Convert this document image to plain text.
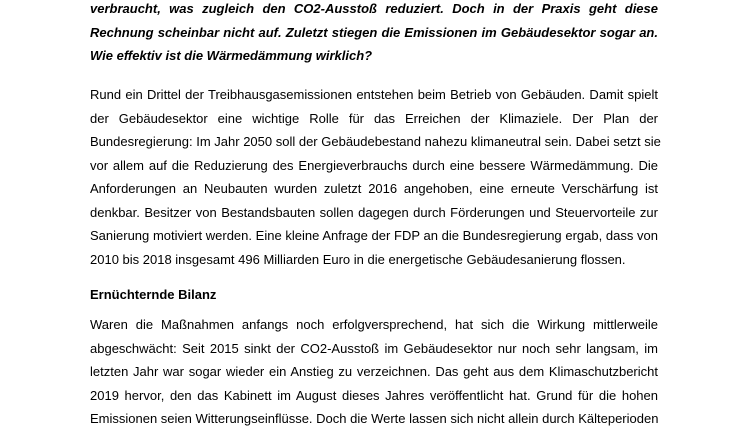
verbraucht, was zugleich den CO2-Ausstoß reduziert. Doch in der Praxis geht diese
Rechnung scheinbar nicht auf. Zuletzt stiegen die Emissionen im Gebäudesektor sogar an.
Wie effektiv ist die Wärmedämmung wirklich?

Rund ein Drittel der Treibhausgasemissionen entstehen beim Betrieb von Gebäuden. Damit spielt
der Gebäudesektor eine wichtige Rolle für das Erreichen der Klimaziele. Der Plan der
Bundesregierung: Im Jahr 2050 soll der Gebäudebestand nahezu klimaneutral sein. Dabei setzt sie
vor allem auf die Reduzierung des Energieverbrauchs durch eine bessere Wärmedämmung. Die
Anforderungen an Neubauten wurden zuletzt 2016 angehoben, eine erneute Verschärfung ist
denkbar. Besitzer von Bestandsbauten sollen dagegen durch Förderungen und Steuervorteile zur
Sanierung motiviert werden. Eine kleine Anfrage der FDP an die Bundesregierung ergab, dass von
2010 bis 2018 insgesamt 496 Milliarden Euro in die energetische Gebäudesanierung flossen.

Ernüchternde Bilanz

Waren die Maßnahmen anfangs noch erfolgversprechend, hat sich die Wirkung mittlerweile
abgeschwächt: Seit 2015 sinkt der CO2-Ausstoß im Gebäudesektor nur noch sehr langsam, im
letzten Jahr war sogar wieder ein Anstieg zu verzeichnen. Das geht aus dem Klimaschutzbericht
2019 hervor, den das Kabinett im August dieses Jahres veröffentlicht hat. Grund für die hohen
Emissionen seien Witterungseinflüsse. Doch die Werte lassen sich nicht allein durch Kälteperioden
